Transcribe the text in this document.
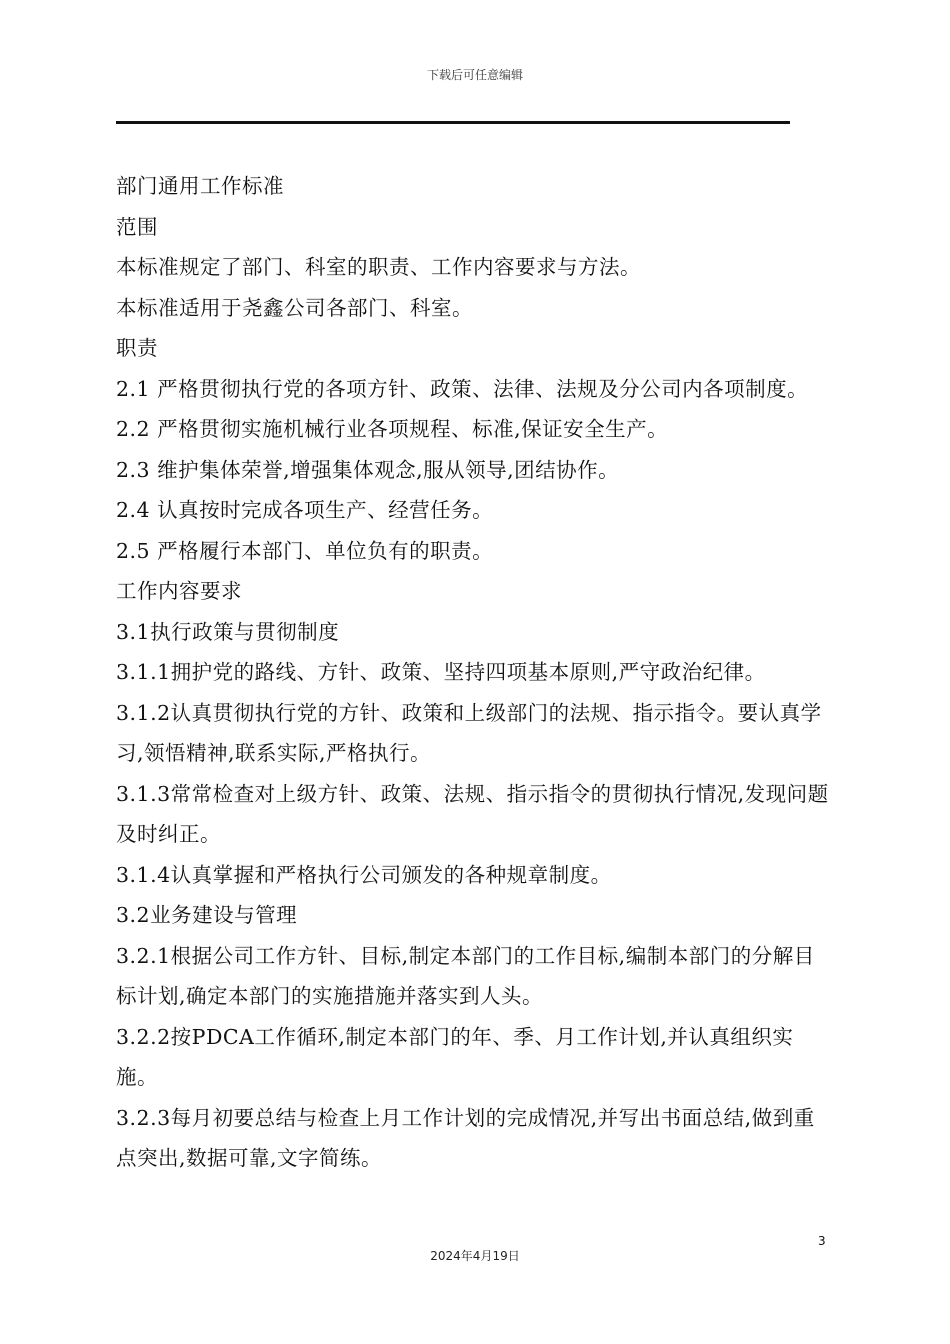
下载后可任意编辑

部门通用工作标准

范围

本标准规定了部门、科室的职责、工作内容要求与方法。

本标准适用于尧鑫公司各部门、科室。

职责

2.1 严格贯彻执行党的各项方针、政策、法律、法规及分公司内各项制度。

2.2 严格贯彻实施机械行业各项规程、标准,保证安全生产。

2.3 维护集体荣誉,增强集体观念,服从领导,团结协作。

2.4 认真按时完成各项生产、经营任务。

2.5 严格履行本部门、单位负有的职责。

工作内容要求

3.1执行政策与贯彻制度

3.1.1拥护党的路线、方针、政策、坚持四项基本原则,严守政治纪律。

3.1.2认真贯彻执行党的方针、政策和上级部门的法规、指示指令。要认真学习,领悟精神,联系实际,严格执行。

3.1.3常常检查对上级方针、政策、法规、指示指令的贯彻执行情况,发现问题及时纠正。

3.1.4认真掌握和严格执行公司颁发的各种规章制度。

3.2业务建设与管理

3.2.1根据公司工作方针、目标,制定本部门的工作目标,编制本部门的分解目标计划,确定本部门的实施措施并落实到人头。

3.2.2按PDCA工作循环,制定本部门的年、季、月工作计划,并认真组织实施。

3.2.3每月初要总结与检查上月工作计划的完成情况,并写出书面总结,做到重点突出,数据可靠,文字简练。

3
2024年4月19日
